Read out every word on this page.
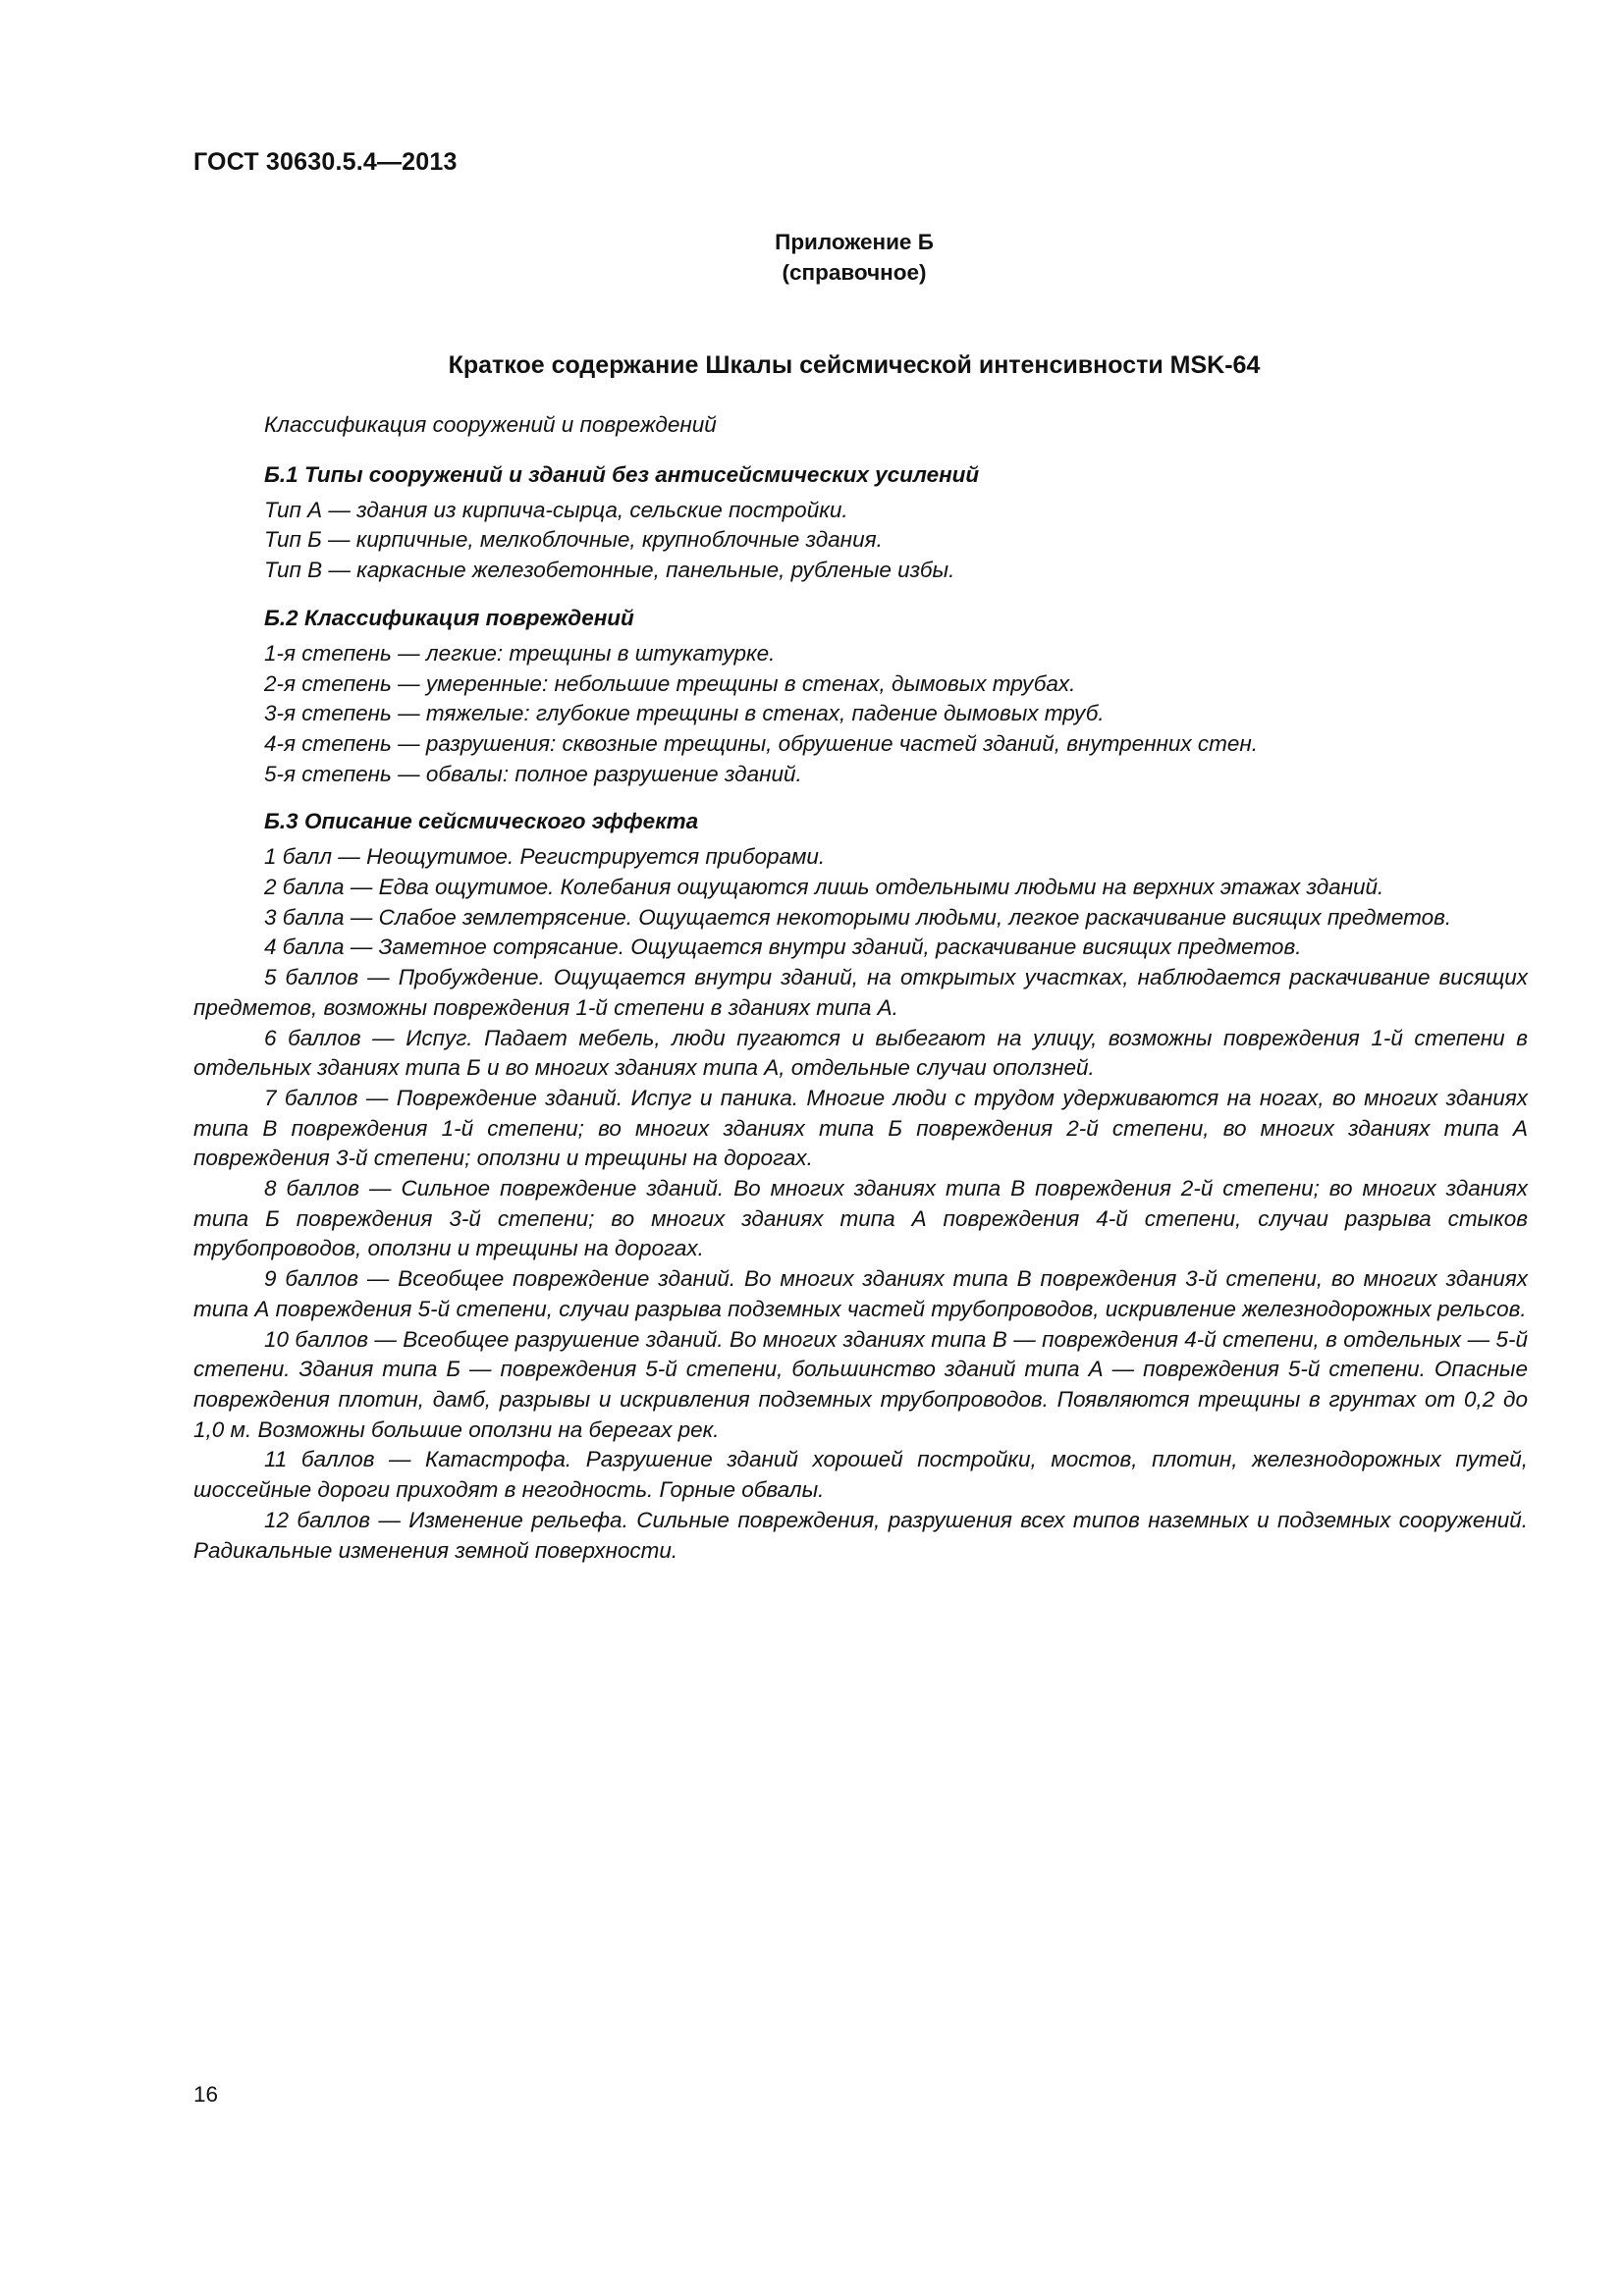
ГОСТ 30630.5.4—2013
Приложение Б
(справочное)
Краткое содержание Шкалы сейсмической интенсивности MSK-64

Классификация сооружений и повреждений

Б.1 Типы сооружений и зданий без антисейсмических усилений

Тип А — здания из кирпича-сырца, сельские постройки.
Тип Б — кирпичные, мелкоблочные, крупноблочные здания.
Тип В — каркасные железобетонные, панельные, рубленые избы.

Б.2 Классификация повреждений

1-я степень — легкие: трещины в штукатурке.
2-я степень — умеренные: небольшие трещины в стенах, дымовых трубах.
3-я степень — тяжелые: глубокие трещины в стенах, падение дымовых труб.
4-я степень — разрушения: сквозные трещины, обрушение частей зданий, внутренних стен.
5-я степень — обвалы: полное разрушение зданий.

Б.3 Описание сейсмического эффекта

1 балл — Неощутимое. Регистрируется приборами.
2 балла — Едва ощутимое. Колебания ощущаются лишь отдельными людьми на верхних этажах зданий.
3 балла — Слабое землетрясение. Ощущается некоторыми людьми, легкое раскачивание висящих предметов.
4 балла — Заметное сотрясание. Ощущается внутри зданий, раскачивание висящих предметов.
5 баллов — Пробуждение. Ощущается внутри зданий, на открытых участках, наблюдается раскачивание висящих предметов, возможны повреждения 1-й степени в зданиях типа А.
6 баллов — Испуг. Падает мебель, люди пугаются и выбегают на улицу, возможны повреждения 1-й степени в отдельных зданиях типа Б и во многих зданиях типа А, отдельные случаи оползней.
7 баллов — Повреждение зданий. Испуг и паника. Многие люди с трудом удерживаются на ногах, во многих зданиях типа В повреждения 1-й степени; во многих зданиях типа Б повреждения 2-й степени, во многих зданиях типа А повреждения 3-й степени; оползни и трещины на дорогах.
8 баллов — Сильное повреждение зданий. Во многих зданиях типа В повреждения 2-й степени; во многих зданиях типа Б повреждения 3-й степени; во многих зданиях типа А повреждения 4-й степени, случаи разрыва стыков трубопроводов, оползни и трещины на дорогах.
9 баллов — Всеобщее повреждение зданий. Во многих зданиях типа В повреждения 3-й степени, во многих зданиях типа А повреждения 5-й степени, случаи разрыва подземных частей трубопроводов, искривление железнодорожных рельсов.
10 баллов — Всеобщее разрушение зданий. Во многих зданиях типа В — повреждения 4-й степени, в отдельных — 5-й степени. Здания типа Б — повреждения 5-й степени, большинство зданий типа А — повреждения 5-й степени. Опасные повреждения плотин, дамб, разрывы и искривления подземных трубопроводов. Появляются трещины в грунтах от 0,2 до 1,0 м. Возможны большие оползни на берегах рек.
11 баллов — Катастрофа. Разрушение зданий хорошей постройки, мостов, плотин, железнодорожных путей, шоссейные дороги приходят в негодность. Горные обвалы.
12 баллов — Изменение рельефа. Сильные повреждения, разрушения всех типов наземных и подземных сооружений. Радикальные изменения земной поверхности.
16
